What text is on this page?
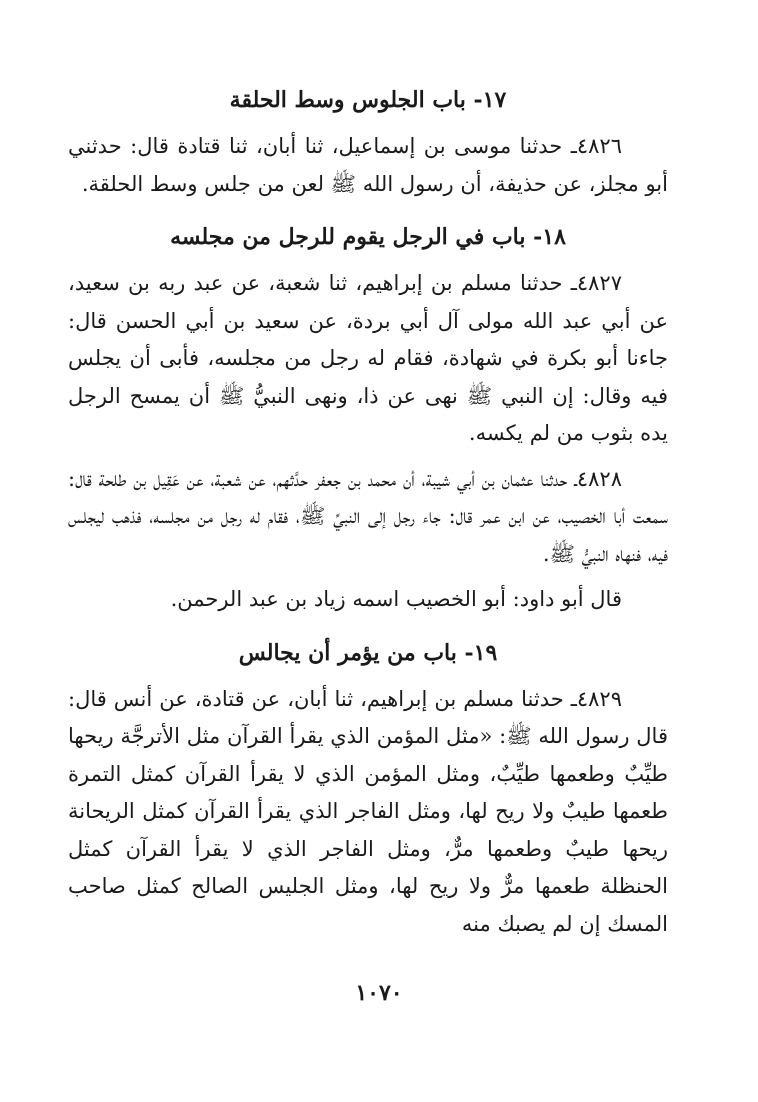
١٧- باب الجلوس وسط الحلقة

٤٨٢٦ـ حدثنا موسى بن إسماعيل، ثنا أبان، ثنا قتادة قال: حدثني أبو مجلز، عن حذيفة، أن رسول الله ﷺ لعن من جلس وسط الحلقة.

١٨- باب في الرجل يقوم للرجل من مجلسه

٤٨٢٧ـ حدثنا مسلم بن إبراهيم، ثنا شعبة، عن عبد ربه بن سعيد، عن أبي عبد الله مولى آل أبي بردة، عن سعيد بن أبي الحسن قال: جاءنا أبو بكرة في شهادة، فقام له رجل من مجلسه، فأبى أن يجلس فيه وقال: إن النبي ﷺ نهى عن ذا، ونهى النبيُّ ﷺ أن يمسح الرجل يده بثوب من لم يكسه.

٤٨٢٨ـ حدثنا عثمان بن أبي شيبة، أن محمد بن جعفر حدَّثهم، عن شعبة، عن عَقِيل بن طلحة قال: سمعت أبا الخصيب، عن ابن عمر قال: جاء رجل إلى النبيِّ ﷺ، فقام له رجل من مجلسه، فذهب ليجلس فيه، فنهاه النبيُّ ﷺ.

قال أبو داود: أبو الخصيب اسمه زياد بن عبد الرحمن.

١٩- باب من يؤمر أن يجالس

٤٨٢٩ـ حدثنا مسلم بن إبراهيم، ثنا أبان، عن قتادة، عن أنس قال: قال رسول الله ﷺ: «مثل المؤمن الذي يقرأ القرآن مثل الأترجَّة ريحها طيِّبٌ وطعمها طيِّبٌ، ومثل المؤمن الذي لا يقرأ القرآن كمثل التمرة طعمها طيبٌ ولا ريح لها، ومثل الفاجر الذي يقرأ القرآن كمثل الريحانة ريحها طيبٌ وطعمها مرٌّ، ومثل الفاجر الذي لا يقرأ القرآن كمثل الحنظلة طعمها مرٌّ ولا ريح لها، ومثل الجليس الصالح كمثل صاحب المسك إن لم يصبك منه

١٠٧٠
